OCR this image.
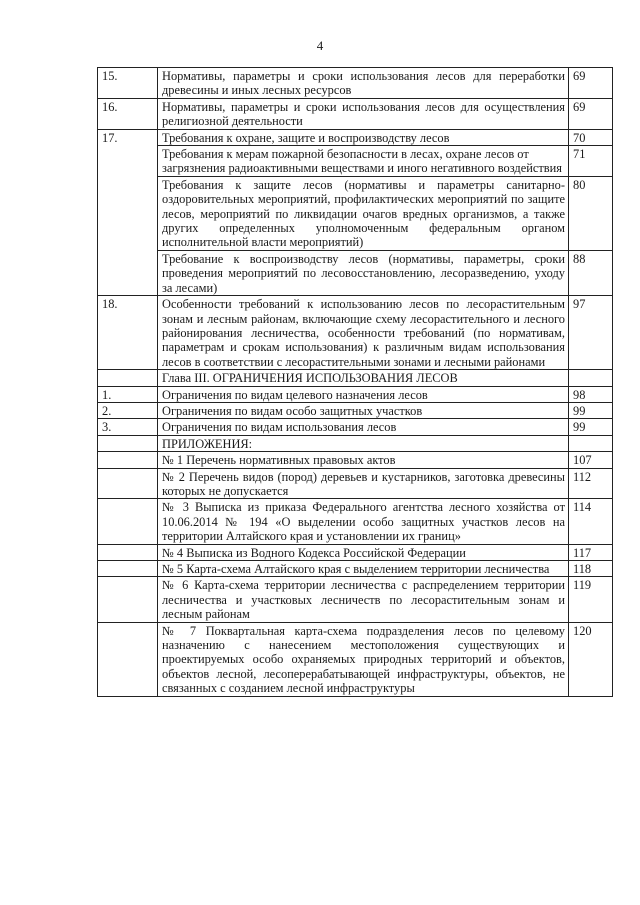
4
15.	Нормативы, параметры и сроки использования лесов для переработки древесины и иных лесных ресурсов	69
16.	Нормативы, параметры и сроки использования лесов для осуществления религиозной деятельности	69
17.	Требования к охране, защите и воспроизводству лесов	70
	Требования к мерам пожарной безопасности в лесах, охране лесов от загрязнения радиоактивными веществами и иного негативного воздействия	71
	Требования к защите лесов (нормативы и параметры санитарно-оздоровительных мероприятий, профилактических мероприятий по защите лесов, мероприятий по ликвидации очагов вредных организмов, а также других определенных уполномоченным федеральным органом исполнительной власти мероприятий)	80
	Требование к воспроизводству лесов (нормативы, параметры, сроки проведения мероприятий по лесовосстановлению, лесоразведению, уходу за лесами)	88
18.	Особенности требований к использованию лесов по лесорастительным зонам и лесным районам, включающие схему лесорастительного и лесного районирования лесничества, особенности требований (по нормативам, параметрам и срокам использования) к различным видам использования лесов в соответствии с лесорастительными зонами и лесными районами	97
	Глава III. ОГРАНИЧЕНИЯ ИСПОЛЬЗОВАНИЯ ЛЕСОВ	
1.	Ограничения по видам целевого назначения лесов	98
2.	Ограничения по видам особо защитных участков	99
3.	Ограничения по видам использования лесов	99
	ПРИЛОЖЕНИЯ:	
	№ 1 Перечень нормативных правовых актов	107
	№ 2 Перечень видов (пород) деревьев и кустарников, заготовка древесины которых не допускается	112
	№ 3 Выписка из приказа Федерального агентства лесного хозяйства от 10.06.2014 № 194 «О выделении особо защитных участков лесов на территории Алтайского края и установлении их границ»	114
	№ 4 Выписка из Водного Кодекса Российской Федерации	117
	№ 5 Карта-схема Алтайского края с выделением территории лесничества	118
	№ 6 Карта-схема территории лесничества с распределением территории лесничества и участковых лесничеств по лесорастительным зонам и лесным районам	119
	№ 7 Поквартальная карта-схема подразделения лесов по целевому назначению с нанесением местоположения существующих и проектируемых особо охраняемых природных территорий и объектов, объектов лесной, лесоперерабатывающей инфраструктуры, объектов, не связанных с созданием лесной инфраструктуры	120
